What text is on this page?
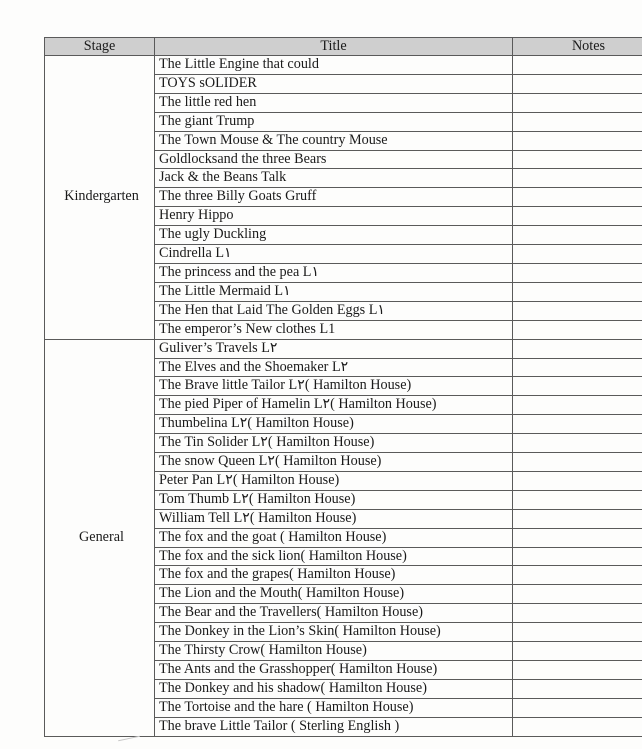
Stage	Title	Notes
Kindergarten	The Little Engine that could	
	TOYS sOLIDER	
	The little red hen	
	The giant Trump	
	The Town Mouse & The country Mouse	
	Goldlocksand the three Bears	
	Jack & the Beans Talk	
	The three Billy Goats Gruff	
	Henry Hippo	
	The ugly Duckling	
	Cindrella L١	
	The princess and the pea L١	
	The Little Mermaid L١	
	The Hen that Laid The Golden Eggs L١	
	The emperor’s New clothes L1	
General	Guliver’s Travels L٢	
	The Elves and the Shoemaker L٢	
	The Brave little Tailor L٢( Hamilton House)	
	The pied Piper of Hamelin L٢( Hamilton House)	
	Thumbelina L٢( Hamilton House)	
	The Tin Solider L٢( Hamilton House)	
	The snow Queen L٢( Hamilton House)	
	Peter Pan L٢( Hamilton House)	
	Tom Thumb L٢( Hamilton House)	
	William Tell L٢( Hamilton House)	
	The fox and the goat ( Hamilton House)	
	The fox and the sick lion( Hamilton House)	
	The fox and the grapes( Hamilton House)	
	The Lion and the Mouth( Hamilton House)	
	The Bear and the Travellers( Hamilton House)	
	The Donkey in the Lion’s Skin( Hamilton House)	
	The Thirsty Crow( Hamilton House)	
	The Ants and the Grasshopper( Hamilton House)	
	The Donkey and his shadow( Hamilton House)	
	The Tortoise and the hare ( Hamilton House)	
	The brave Little Tailor ( Sterling English )	
